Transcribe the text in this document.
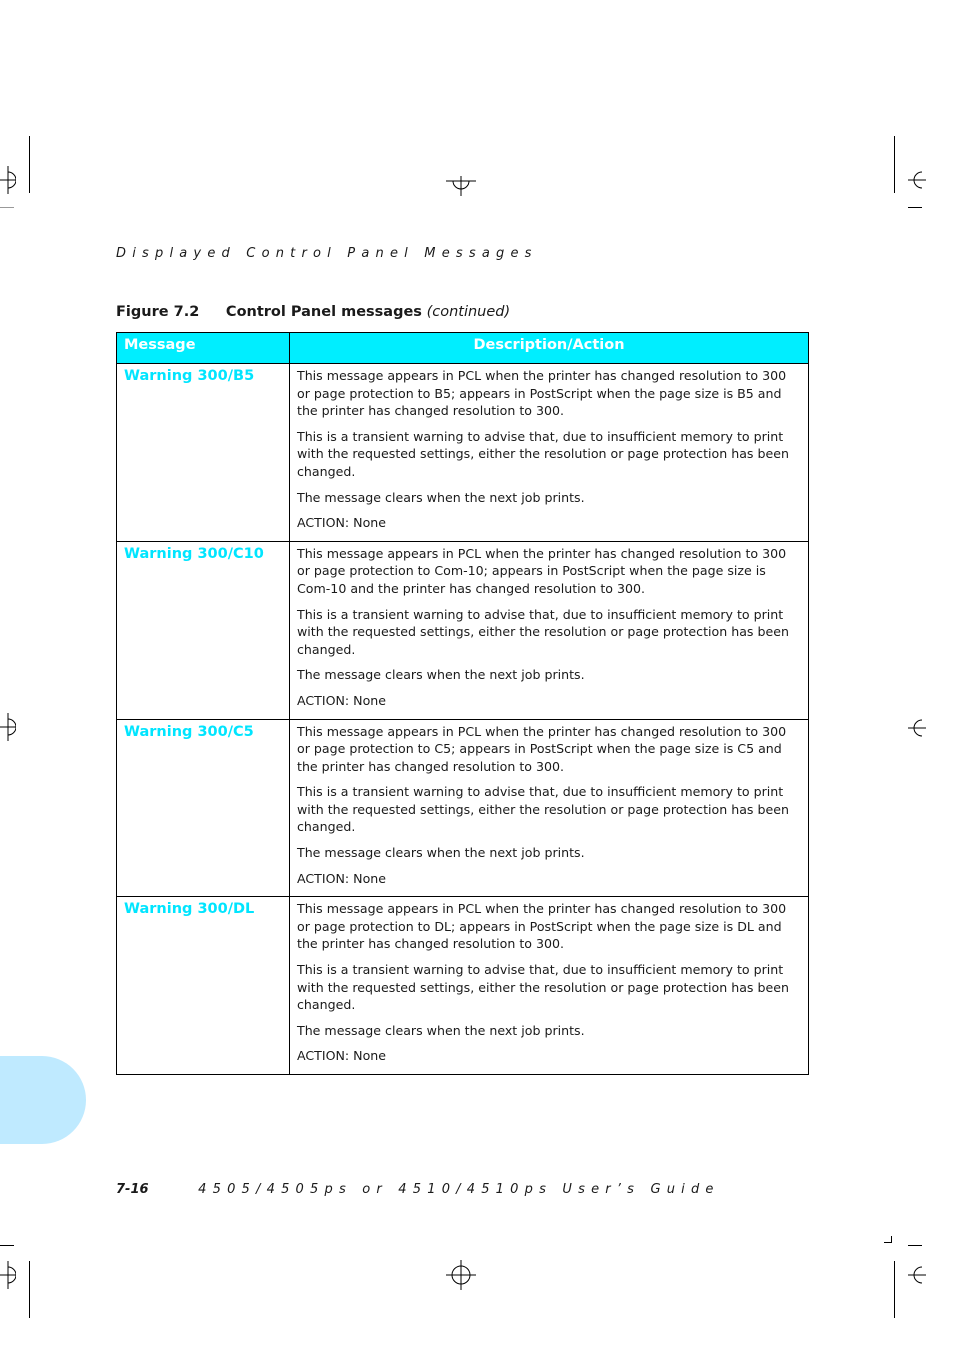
Displayed Control Panel Messages
Figure 7.2 Control Panel messages (continued)
Message	Description/Action
Warning 300/B5	This message appears in PCL when the printer has changed resolution to 300 or page protection to B5; appears in PostScript when the page size is B5 and the printer has changed resolution to 300.

This is a transient warning to advise that, due to insufficient memory to print with the requested settings, either the resolution or page protection has been changed.

The message clears when the next job prints.

ACTION: None

Warning 300/C10	This message appears in PCL when the printer has changed resolution to 300 or page protection to Com-10; appears in PostScript when the page size is Com-10 and the printer has changed resolution to 300.

This is a transient warning to advise that, due to insufficient memory to print with the requested settings, either the resolution or page protection has been changed.

The message clears when the next job prints.

ACTION: None

Warning 300/C5	This message appears in PCL when the printer has changed resolution to 300 or page protection to C5; appears in PostScript when the page size is C5 and the printer has changed resolution to 300.

This is a transient warning to advise that, due to insufficient memory to print with the requested settings, either the resolution or page protection has been changed.

The message clears when the next job prints.

ACTION: None

Warning 300/DL	This message appears in PCL when the printer has changed resolution to 300 or page protection to DL; appears in PostScript when the page size is DL and the printer has changed resolution to 300.

This is a transient warning to advise that, due to insufficient memory to print with the requested settings, either the resolution or page protection has been changed.

The message clears when the next job prints.

ACTION: None

7-16	4505/4505ps or 4510/4510ps User’s Guide
